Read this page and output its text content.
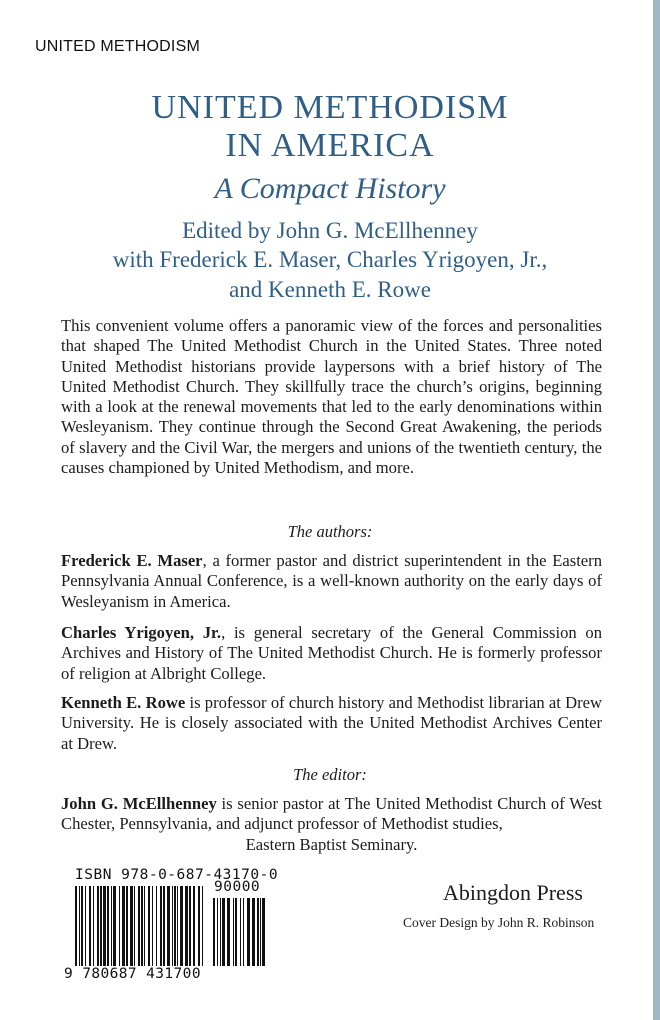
UNITED METHODISM
UNITED METHODISM
IN AMERICA
A Compact History
Edited by John G. McEllhenney
with Frederick E. Maser, Charles Yrigoyen, Jr.,
and Kenneth E. Rowe

This convenient volume offers a panoramic view of the forces and personalities that shaped The United Methodist Church in the United States. Three noted United Methodist historians provide laypersons with a brief history of The United Methodist Church. They skillfully trace the church’s origins, beginning with a look at the renewal movements that led to the early denominations within Wesleyanism. They continue through the Second Great Awakening, the periods of slavery and the Civil War, the mergers and unions of the twentieth century, the causes championed by United Methodism, and more.

The authors:

Frederick E. Maser, a former pastor and district superintendent in the Eastern Pennsylvania Annual Conference, is a well-known authority on the early days of Wesleyanism in America.

Charles Yrigoyen, Jr., is general secretary of the General Commission on Archives and History of The United Methodist Church. He is formerly professor of religion at Albright College.

Kenneth E. Rowe is professor of church history and Methodist librarian at Drew University. He is closely associated with the United Methodist Archives Center at Drew.

The editor:

John G. McEllhenney is senior pastor at The United Methodist Church of West Chester, Pennsylvania, and adjunct professor of Methodist studies,
Eastern Baptist Seminary.

ISBN 978-0-687-43170-0
90000
9 780687 431700
Abingdon Press
Cover Design by John R. Robinson
